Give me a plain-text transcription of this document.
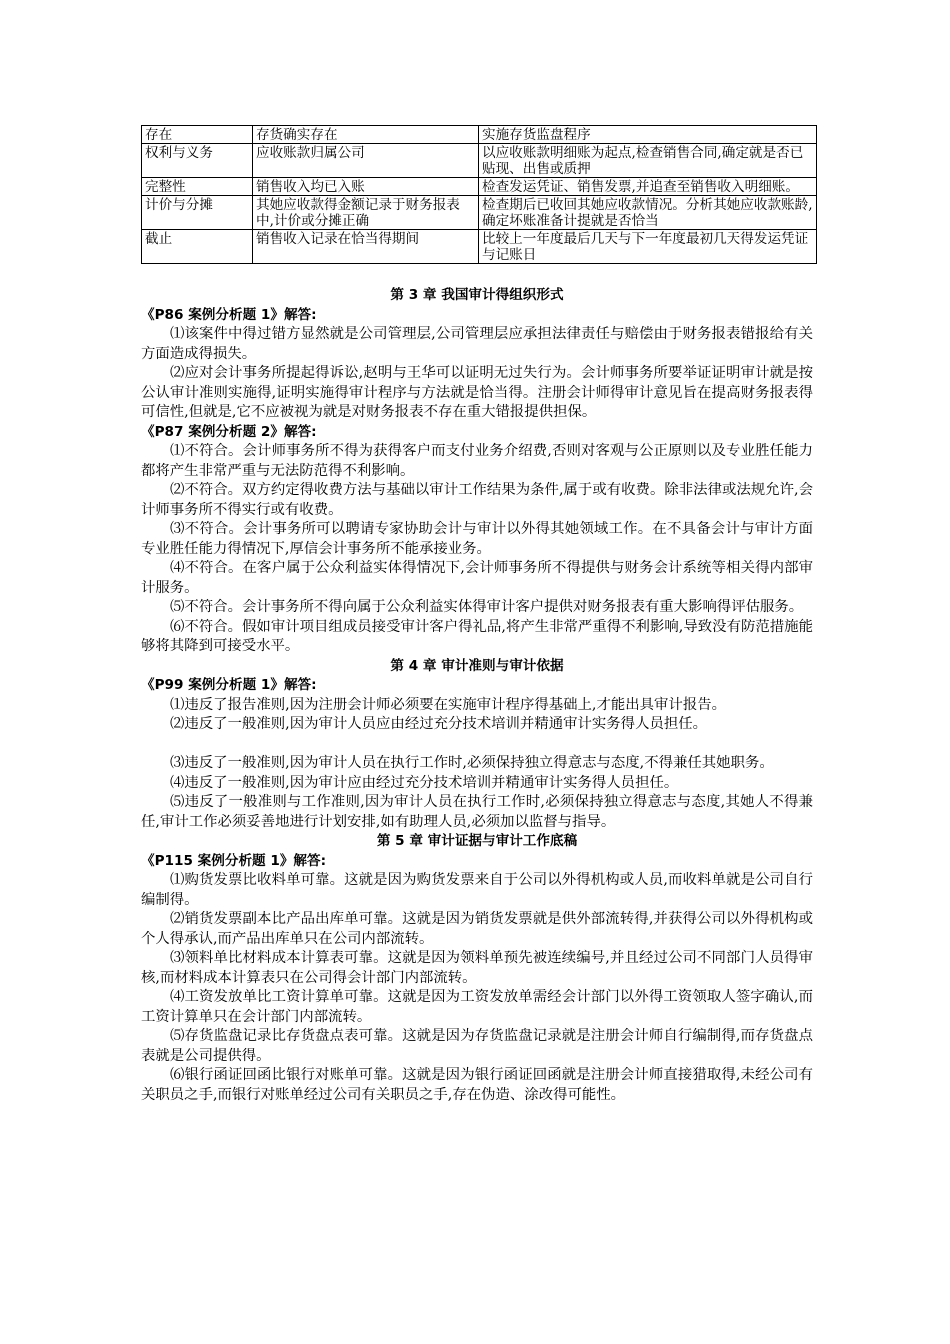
存在	存货确实存在	实施存货监盘程序
权利与义务	应收账款归属公司	以应收账款明细账为起点,检查销售合同,确定就是否已贴现、出售或质押
完整性	销售收入均已入账	检查发运凭证、销售发票,并追查至销售收入明细账。
计价与分摊	其她应收款得金额记录于财务报表中,计价或分摊正确	检查期后已收回其她应收款情况。分析其她应收款账龄,确定坏账准备计提就是否恰当
截止	销售收入记录在恰当得期间	比较上一年度最后几天与下一年度最初几天得发运凭证与记账日

第 3 章 我国审计得组织形式

《P86 案例分析题 1》解答:

⑴该案件中得过错方显然就是公司管理层,公司管理层应承担法律责任与赔偿由于财务报表错报给有关方面造成得损失。

⑵应对会计事务所提起得诉讼,赵明与王华可以证明无过失行为。会计师事务所要举证证明审计就是按公认审计准则实施得,证明实施得审计程序与方法就是恰当得。注册会计师得审计意见旨在提高财务报表得可信性,但就是,它不应被视为就是对财务报表不存在重大错报提供担保。

《P87 案例分析题 2》解答:

⑴不符合。会计师事务所不得为获得客户而支付业务介绍费,否则对客观与公正原则以及专业胜任能力都将产生非常严重与无法防范得不利影响。

⑵不符合。双方约定得收费方法与基础以审计工作结果为条件,属于或有收费。除非法律或法规允许,会计师事务所不得实行或有收费。

⑶不符合。会计事务所可以聘请专家协助会计与审计以外得其她领域工作。在不具备会计与审计方面专业胜任能力得情况下,厚信会计事务所不能承接业务。

⑷不符合。在客户属于公众利益实体得情况下,会计师事务所不得提供与财务会计系统等相关得内部审计服务。

⑸不符合。会计事务所不得向属于公众利益实体得审计客户提供对财务报表有重大影响得评估服务。

⑹不符合。假如审计项目组成员接受审计客户得礼品,将产生非常严重得不利影响,导致没有防范措施能够将其降到可接受水平。

第 4 章 审计准则与审计依据

《P99 案例分析题 1》解答:

⑴违反了报告准则,因为注册会计师必须要在实施审计程序得基础上,才能出具审计报告。

⑵违反了一般准则,因为审计人员应由经过充分技术培训并精通审计实务得人员担任。

⑶违反了一般准则,因为审计人员在执行工作时,必须保持独立得意志与态度,不得兼任其她职务。

⑷违反了一般准则,因为审计应由经过充分技术培训并精通审计实务得人员担任。

⑸违反了一般准则与工作准则,因为审计人员在执行工作时,必须保持独立得意志与态度,其她人不得兼任,审计工作必须妥善地进行计划安排,如有助理人员,必须加以监督与指导。

第 5 章 审计证据与审计工作底稿

《P115 案例分析题 1》解答:

⑴购货发票比收料单可靠。这就是因为购货发票来自于公司以外得机构或人员,而收料单就是公司自行编制得。

⑵销货发票副本比产品出库单可靠。这就是因为销货发票就是供外部流转得,并获得公司以外得机构或个人得承认,而产品出库单只在公司内部流转。

⑶领料单比材料成本计算表可靠。这就是因为领料单预先被连续编号,并且经过公司不同部门人员得审核,而材料成本计算表只在公司得会计部门内部流转。

⑷工资发放单比工资计算单可靠。这就是因为工资发放单需经会计部门以外得工资领取人签字确认,而工资计算单只在会计部门内部流转。

⑸存货监盘记录比存货盘点表可靠。这就是因为存货监盘记录就是注册会计师自行编制得,而存货盘点表就是公司提供得。

⑹银行函证回函比银行对账单可靠。这就是因为银行函证回函就是注册会计师直接猎取得,未经公司有关职员之手,而银行对账单经过公司有关职员之手,存在伪造、涂改得可能性。
